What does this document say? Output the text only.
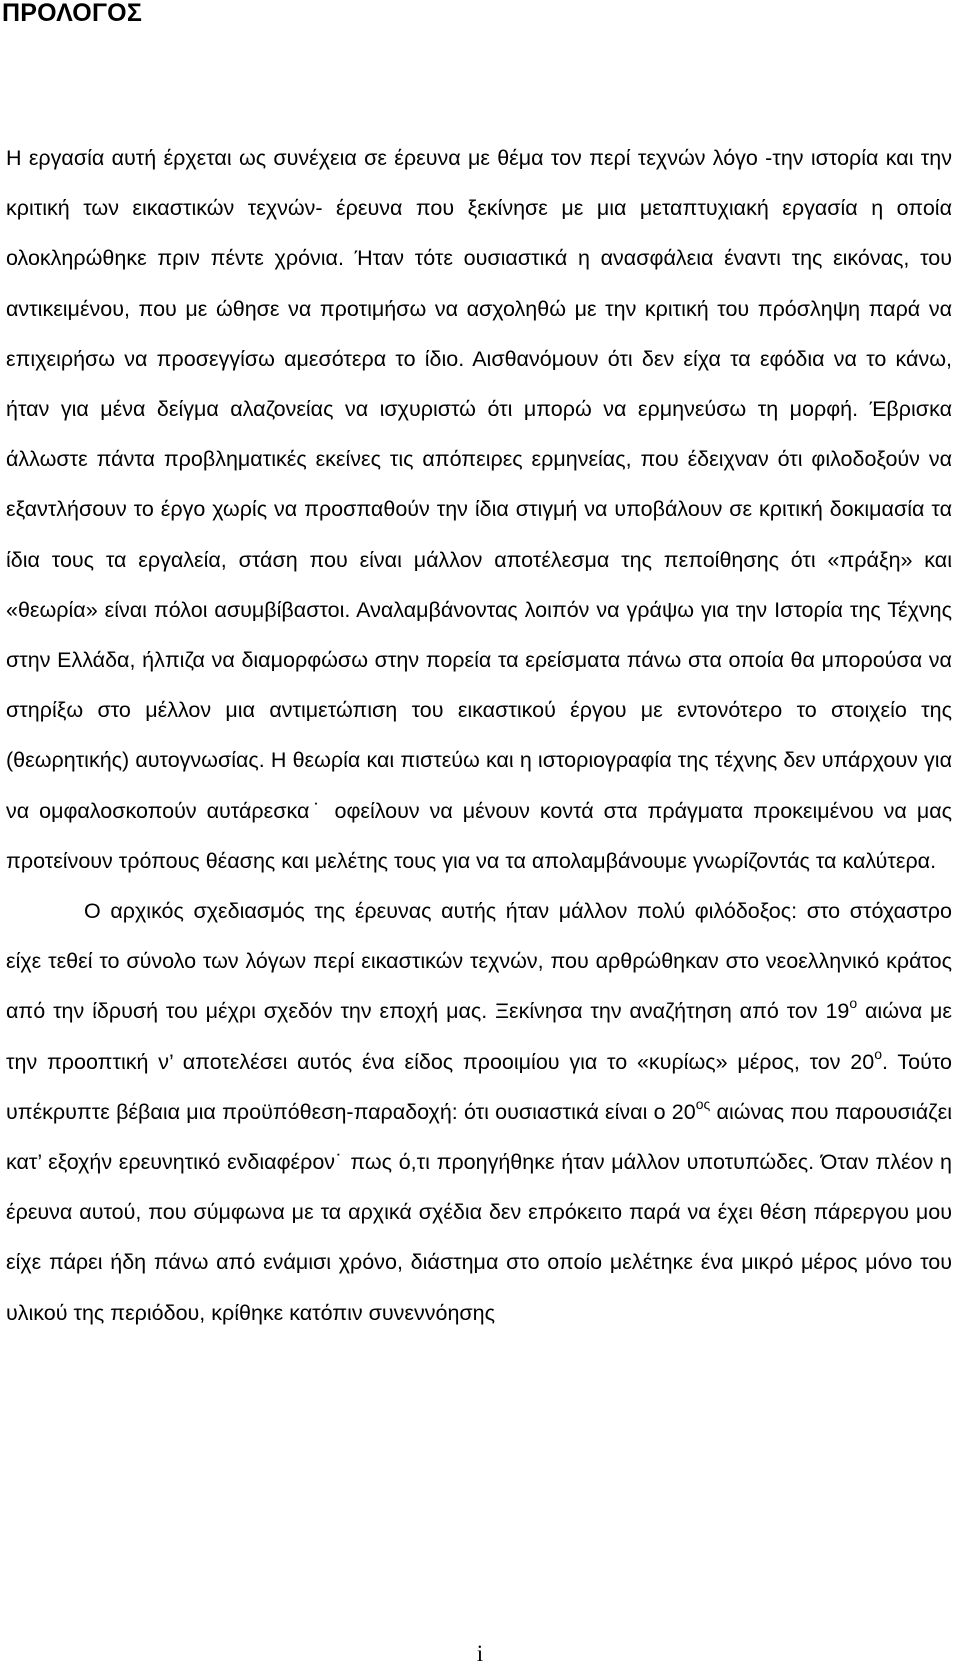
ΠΡΟΛΟΓΟΣ

Η εργασία αυτή έρχεται ως συνέχεια σε έρευνα με θέμα τον περί τεχνών λόγο -την ιστορία και την κριτική των εικαστικών τεχνών- έρευνα που ξεκίνησε με μια μεταπτυχιακή εργασία η οποία ολοκληρώθηκε πριν πέντε χρόνια. Ήταν τότε ουσιαστικά η ανασφάλεια έναντι της εικόνας, του αντικειμένου, που με ώθησε να προτιμήσω να ασχοληθώ με την κριτική του πρόσληψη παρά να επιχειρήσω να προσεγγίσω αμεσότερα το ίδιο. Αισθανόμουν ότι δεν είχα τα εφόδια να το κάνω, ήταν για μένα δείγμα αλαζονείας να ισχυριστώ ότι μπορώ να ερμηνεύσω τη μορφή. Έβρισκα άλλωστε πάντα προβληματικές εκείνες τις απόπειρες ερμηνείας, που έδειχναν ότι φιλοδοξούν να εξαντλήσουν το έργο χωρίς να προσπαθούν την ίδια στιγμή να υποβάλουν σε κριτική δοκιμασία τα ίδια τους τα εργαλεία, στάση που είναι μάλλον αποτέλεσμα της πεποίθησης ότι «πράξη» και «θεωρία» είναι πόλοι ασυμβίβαστοι. Αναλαμβάνοντας λοιπόν να γράψω για την Ιστορία της Τέχνης στην Ελλάδα, ήλπιζα να διαμορφώσω στην πορεία τα ερείσματα πάνω στα οποία θα μπορούσα να στηρίξω στο μέλλον μια αντιμετώπιση του εικαστικού έργου με εντονότερο το στοιχείο της (θεωρητικής) αυτογνωσίας. Η θεωρία και πιστεύω και η ιστοριογραφία της τέχνης δεν υπάρχουν για να ομφαλοσκοπούν αυτάρεσκα˙ οφείλουν να μένουν κοντά στα πράγματα προκειμένου να μας προτείνουν τρόπους θέασης και μελέτης τους για να τα απολαμβάνουμε γνωρίζοντάς τα καλύτερα.

Ο αρχικός σχεδιασμός της έρευνας αυτής ήταν μάλλον πολύ φιλόδοξος: στο στόχαστρο είχε τεθεί το σύνολο των λόγων περί εικαστικών τεχνών, που αρθρώθηκαν στο νεοελληνικό κράτος από την ίδρυσή του μέχρι σχεδόν την εποχή μας. Ξεκίνησα την αναζήτηση από τον $19^o$ αιώνα με την προοπτική ν’ αποτελέσει αυτός ένα είδος προοιμίου για το «κυρίως» μέρος, τον $20^o$. Τούτο υπέκρυπτε βέβαια μια προϋπόθεση-παραδοχή: ότι ουσιαστικά είναι ο $20^{o\varsigma}$ αιώνας που παρουσιάζει κατ’ εξοχήν ερευνητικό ενδιαφέρον˙ πως ό,τι προηγήθηκε ήταν μάλλον υποτυπώδες. Όταν πλέον η έρευνα αυτού, που σύμφωνα με τα αρχικά σχέδια δεν επρόκειτο παρά να έχει θέση πάρεργου μου είχε πάρει ήδη πάνω από ενάμισι χρόνο, διάστημα στο οποίο μελέτηκε ένα μικρό μέρος μόνο του υλικού της περιόδου, κρίθηκε κατόπιν συνεννόησης

i
